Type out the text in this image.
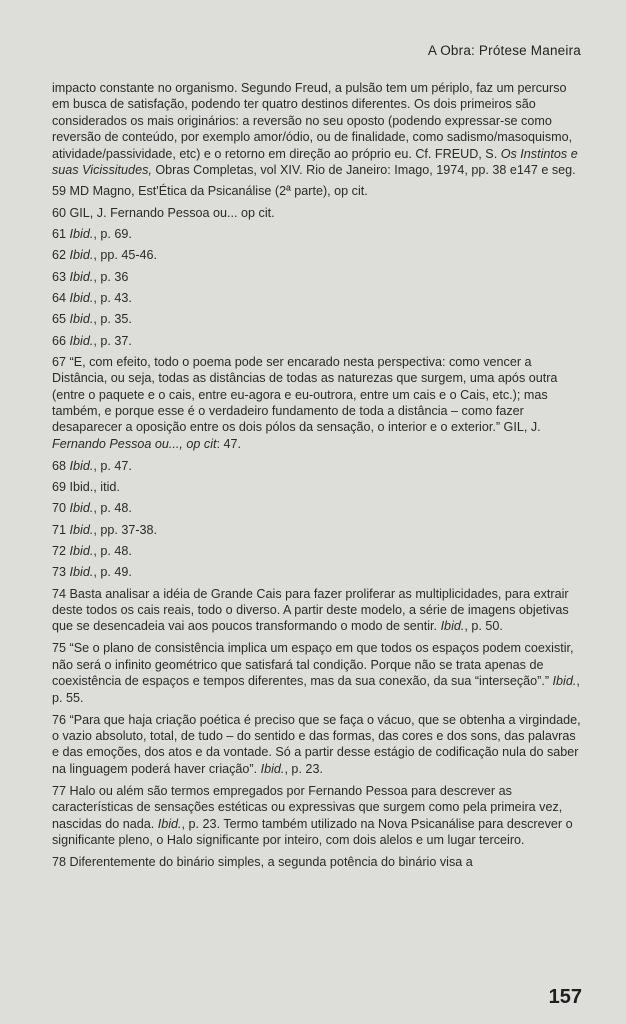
A Obra: Prótese Maneira

impacto constante no organismo. Segundo Freud, a pulsão tem um périplo, faz um percurso em busca de satisfação, podendo ter quatro destinos diferentes. Os dois primeiros são considerados os mais originários: a reversão no seu oposto (podendo expressar-se como reversão de conteúdo, por exemplo amor/ódio, ou de finalidade, como sadismo/masoquismo, atividade/passividade, etc) e o retorno em direção ao próprio eu. Cf. FREUD, S. Os Instintos e suas Vicissitudes, Obras Completas, vol XIV. Rio de Janeiro: Imago, 1974, pp. 38 e147 e seg.

59 MD Magno, Est'Ética da Psicanálise (2ª parte), op cit.

60 GIL, J. Fernando Pessoa ou... op cit.

61 Ibid., p. 69.

62 Ibid., pp. 45-46.

63 Ibid., p. 36

64 Ibid., p. 43.

65 Ibid., p. 35.

66 Ibid., p. 37.

67 “E, com efeito, todo o poema pode ser encarado nesta perspectiva: como vencer a Distância, ou seja, todas as distâncias de todas as naturezas que surgem, uma após outra (entre o paquete e o cais, entre eu-agora e eu-outrora, entre um cais e o Cais, etc.); mas também, e porque esse é o verdadeiro fundamento de toda a distância – como fazer desaparecer a oposição entre os dois pólos da sensação, o interior e o exterior.” GIL, J. Fernando Pessoa ou..., op cit: 47.

68 Ibid., p. 47.

69 Ibid., itid.

70 Ibid., p. 48.

71 Ibid., pp. 37-38.

72 Ibid., p. 48.

73 Ibid., p. 49.

74 Basta analisar a idéia de Grande Cais para fazer proliferar as multiplicidades, para extrair deste todos os cais reais, todo o diverso. A partir deste modelo, a série de imagens objetivas que se desencadeia vai aos poucos transformando o modo de sentir. Ibid., p. 50.

75 “Se o plano de consistência implica um espaço em que todos os espaços podem coexistir, não será o infinito geométrico que satisfará tal condição. Porque não se trata apenas de coexistência de espaços e tempos diferentes, mas da sua conexão, da sua “interseção”.” Ibid., p. 55.

76 “Para que haja criação poética é preciso que se faça o vácuo, que se obtenha a virgindade, o vazio absoluto, total, de tudo – do sentido e das formas, das cores e dos sons, das palavras e das emoções, dos atos e da vontade. Só a partir desse estágio de codificação nula do saber na linguagem poderá haver criação”. Ibid., p. 23.

77 Halo ou além são termos empregados por Fernando Pessoa para descrever as características de sensações estéticas ou expressivas que surgem como pela primeira vez, nascidas do nada. Ibid., p. 23. Termo também utilizado na Nova Psicanálise para descrever o significante pleno, o Halo significante por inteiro, com dois alelos e um lugar terceiro.

78 Diferentemente do binário simples, a segunda potência do binário visa a

157
